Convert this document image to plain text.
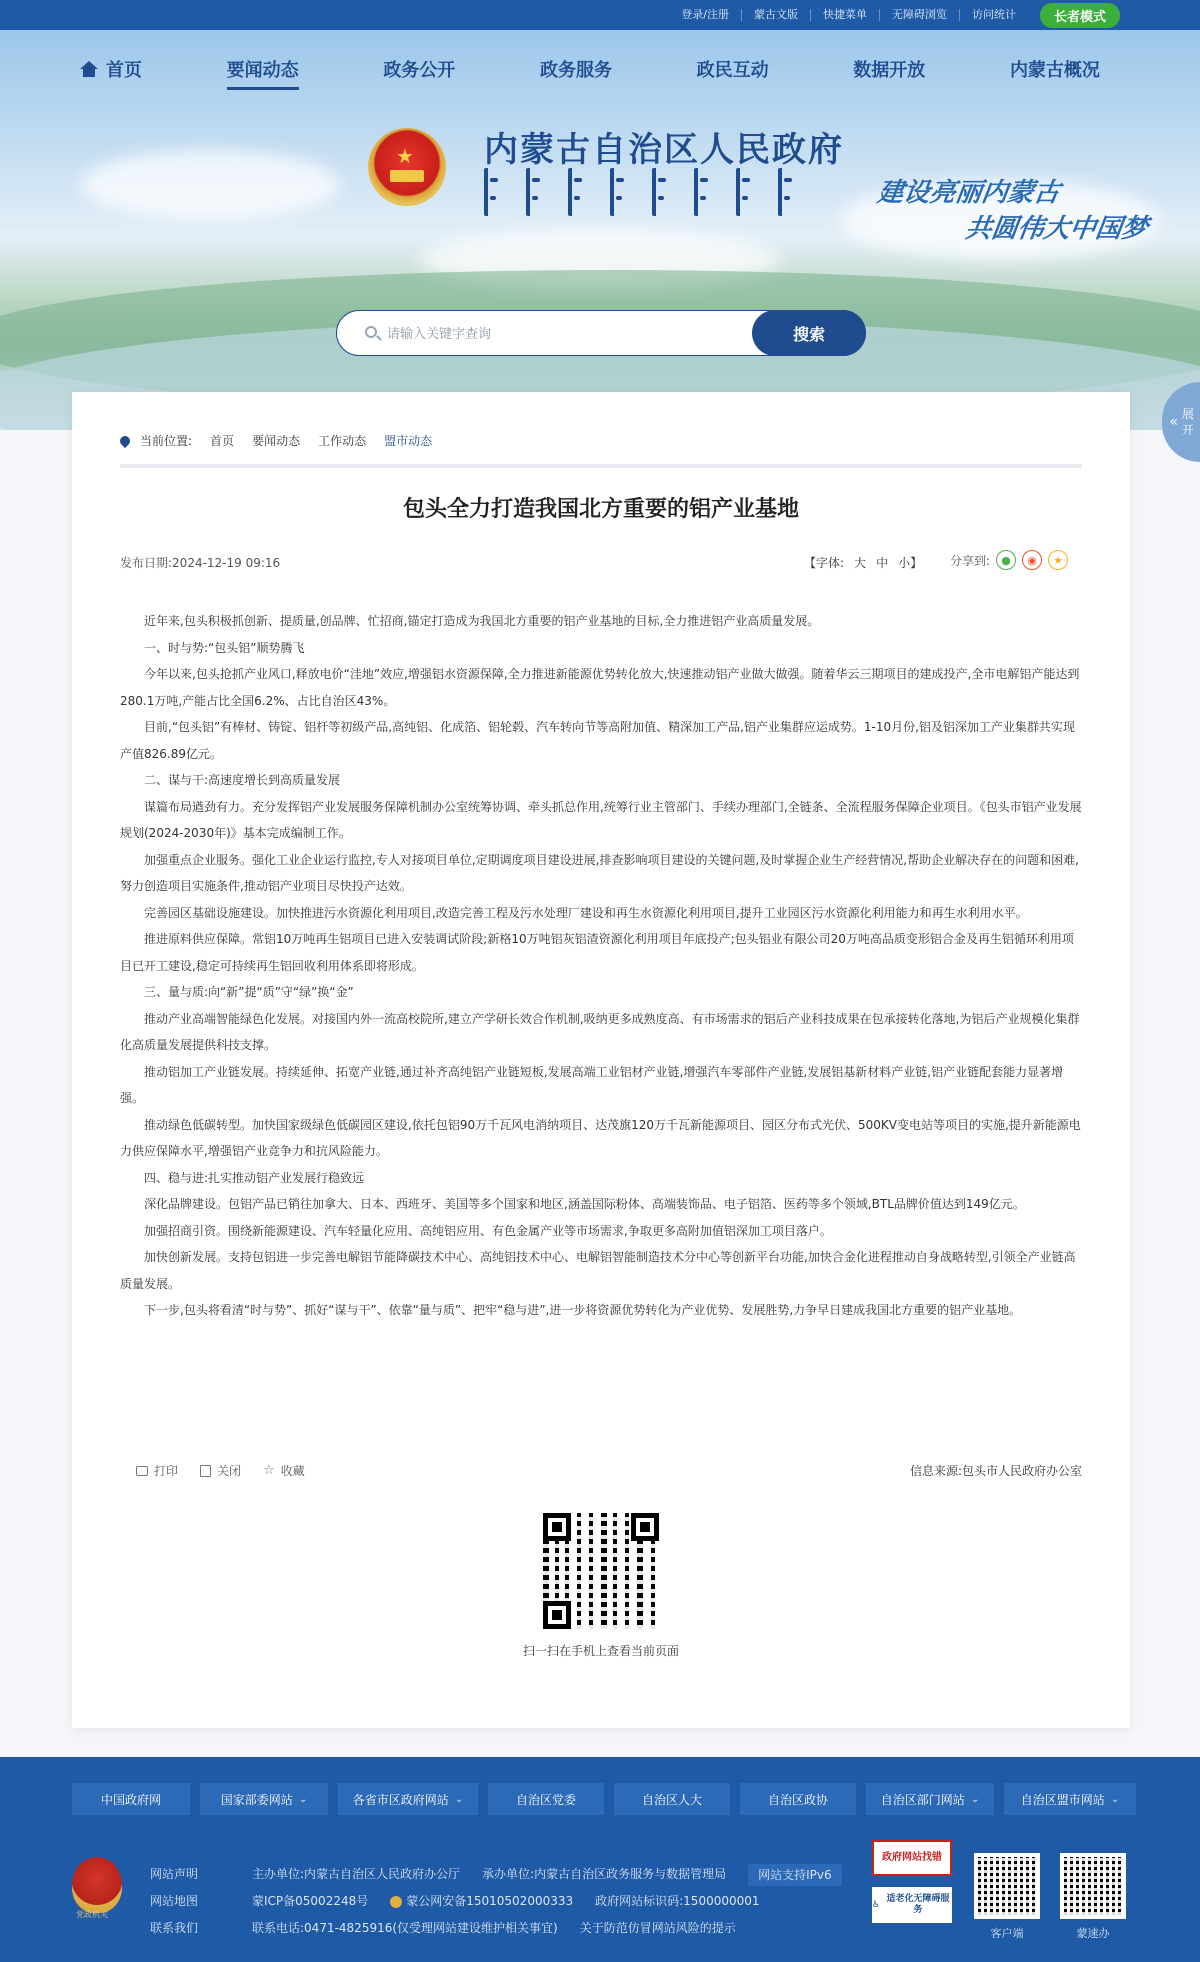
登录/注册	蒙古文版	快捷菜单	无障碍浏览	访问统计	长者模式
首页	要闻动态	政务公开	政务服务	政民互动	数据开放	内蒙古概况
★ 内蒙古自治区人民政府
建设亮丽内蒙古
共圆伟大中国梦
请输入关键字查询
搜索
« 展开
当前位置: 首页 要闻动态 工作动态 盟市动态
包头全力打造我国北方重要的铝产业基地
发布日期:2024-12-19 09:16	【字体: 大 中 小】 分享到:	●	◉	★

近年来,包头积极抓创新、提质量,创品牌、忙招商,锚定打造成为我国北方重要的铝产业基地的目标,全力推进铝产业高质量发展。

一、时与势:“包头铝”顺势腾飞

今年以来,包头抢抓产业风口,释放电价“洼地”效应,增强铝水资源保障,全力推进新能源优势转化放大,快速推动铝产业做大做强。随着华云三期项目的建成投产,全市电解铝产能达到280.1万吨,产能占比全国6.2%、占比自治区43%。

目前,“包头铝”有棒材、铸锭、铝杆等初级产品,高纯铝、化成箔、铝轮毂、汽车转向节等高附加值、精深加工产品,铝产业集群应运成势。1-10月份,铝及铝深加工产业集群共实现产值826.89亿元。

二、谋与干:高速度增长到高质量发展

谋篇布局遒劲有力。充分发挥铝产业发展服务保障机制办公室统筹协调、牵头抓总作用,统筹行业主管部门、手续办理部门,全链条、全流程服务保障企业项目。《包头市铝产业发展规划(2024-2030年)》基本完成编制工作。

加强重点企业服务。强化工业企业运行监控,专人对接项目单位,定期调度项目建设进展,排查影响项目建设的关键问题,及时掌握企业生产经营情况,帮助企业解决存在的问题和困难,努力创造项目实施条件,推动铝产业项目尽快投产达效。

完善园区基础设施建设。加快推进污水资源化利用项目,改造完善工程及污水处理厂建设和再生水资源化利用项目,提升工业园区污水资源化利用能力和再生水利用水平。

推进原料供应保障。常铝10万吨再生铝项目已进入安装调试阶段;新格10万吨铝灰铝渣资源化利用项目年底投产;包头铝业有限公司20万吨高品质变形铝合金及再生铝循环利用项目已开工建设,稳定可持续再生铝回收利用体系即将形成。

三、量与质:向“新”提“质”守“绿”换“金”

推动产业高端智能绿色化发展。对接国内外一流高校院所,建立产学研长效合作机制,吸纳更多成熟度高、有市场需求的铝后产业科技成果在包承接转化落地,为铝后产业规模化集群化高质量发展提供科技支撑。

推动铝加工产业链发展。持续延伸、拓宽产业链,通过补齐高纯铝产业链短板,发展高端工业铝材产业链,增强汽车零部件产业链,发展铝基新材料产业链,铝产业链配套能力显著增强。

推动绿色低碳转型。加快国家级绿色低碳园区建设,依托包铝90万千瓦风电消纳项目、达茂旗120万千瓦新能源项目、园区分布式光伏、500KV变电站等项目的实施,提升新能源电力供应保障水平,增强铝产业竞争力和抗风险能力。

四、稳与进:扎实推动铝产业发展行稳致远

深化品牌建设。包铝产品已销往加拿大、日本、西班牙、美国等多个国家和地区,涵盖国际粉体、高端装饰品、电子铝箔、医药等多个领域,BTL品牌价值达到149亿元。

加强招商引资。围绕新能源建设、汽车轻量化应用、高纯铝应用、有色金属产业等市场需求,争取更多高附加值铝深加工项目落户。

加快创新发展。支持包铝进一步完善电解铝节能降碳技术中心、高纯铝技术中心、电解铝智能制造技术分中心等创新平台功能,加快合金化进程推动自身战略转型,引领全产业链高质量发展。

下一步,包头将看清“时与势”、抓好“谋与干”、依靠“量与质”、把牢“稳与进”,进一步将资源优势转化为产业优势、发展胜势,力争早日建成我国北方重要的铝产业基地。

打印	关闭 ☆ 收藏	信息来源:包头市人民政府办公室
扫一扫在手机上查看当前页面
中国政府网	国家部委网站 ⌄	各省市区政府网站 ⌄	自治区党委	自治区人大	自治区政协	自治区部门网站 ⌄	自治区盟市网站 ⌄
党政机关
网站声明
网站地图
联系我们
主办单位:内蒙古自治区人民政府办公厅 承办单位:内蒙古自治区政务服务与数据管理局	网站支持IPv6
蒙ICP备05002248号	蒙公网安备15010502000333 政府网站标识码:1500000001
联系电话:0471-4825916(仅受理网站建设维护相关事宜) 关于防范仿冒网站风险的提示
政府网站找错
♿
适老化无障碍服务
客户端	蒙速办
